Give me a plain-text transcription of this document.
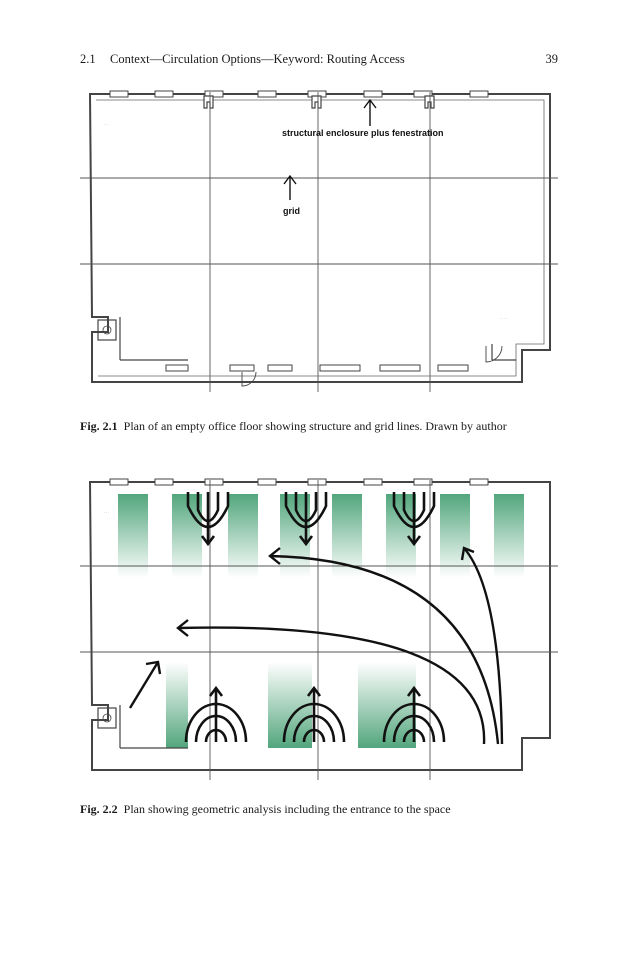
2.1 Context—Circulation Options—Keyword: Routing Access	39
structural enclosure plus fenestration
grid
· · ·
· · · ·
Fig. 2.1 Plan of an empty office floor showing structure and grid lines. Drawn by author
· · ·
Fig. 2.2 Plan showing geometric analysis including the entrance to the space
